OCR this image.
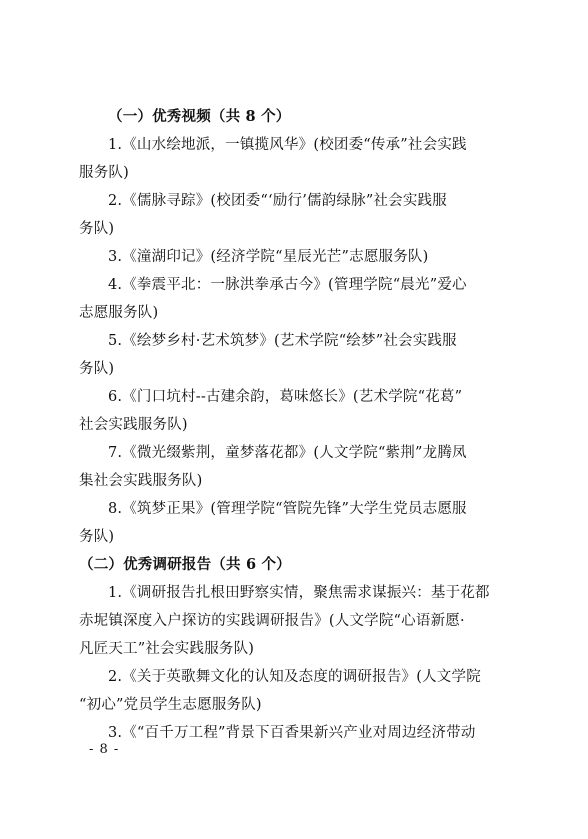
（一）优秀视频（共 8 个）
1.《山水绘地派，一镇揽风华》(校团委“传承”社会实践
服务队)
2.《儒脉寻踪》(校团委“‘励行’儒韵绿脉”社会实践服
务队)
3.《潼湖印记》(经济学院“星辰光芒”志愿服务队)
4.《拳震平北：一脉洪拳承古今》(管理学院“晨光”爱心
志愿服务队)
5.《绘梦乡村·艺术筑梦》(艺术学院“绘梦”社会实践服
务队)
6.《门口坑村--古建余韵，葛味悠长》(艺术学院“花葛”
社会实践服务队)
7.《微光缀紫荆，童梦落花都》(人文学院“紫荆”龙腾凤
集社会实践服务队)
8.《筑梦正果》(管理学院“管院先锋”大学生党员志愿服
务队)
（二）优秀调研报告（共 6 个）
1.《调研报告扎根田野察实情，聚焦需求谋振兴：基于花都
赤坭镇深度入户探访的实践调研报告》(人文学院“心语新愿·
凡匠天工”社会实践服务队)
2.《关于英歌舞文化的认知及态度的调研报告》(人文学院
“初心”党员学生志愿服务队)
3.《“百千万工程”背景下百香果新兴产业对周边经济带动
- 8 -
